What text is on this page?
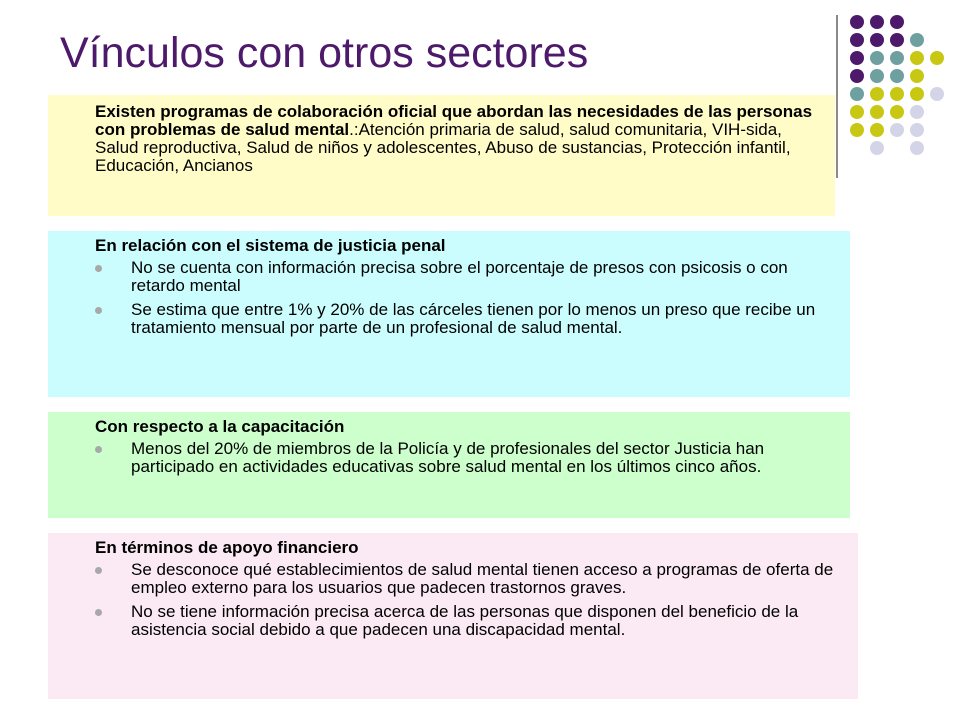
Vínculos con otros sectores

Existen programas de colaboración oficial que abordan las necesidades de las personas con problemas de salud mental.:Atención primaria de salud, salud comunitaria, VIH-sida, Salud reproductiva, Salud de niños y adolescentes, Abuso de sustancias, Protección infantil, Educación, Ancianos

En relación con el sistema de justicia penal
No se cuenta con información precisa sobre el porcentaje de presos con psicosis o con retardo mental
Se estima que entre 1% y 20% de las cárceles tienen por lo menos un preso que recibe un tratamiento mensual por parte de un profesional de salud mental.
Con respecto a la capacitación
Menos del 20% de miembros de la Policía y de profesionales del sector Justicia han participado en actividades educativas sobre salud mental en los últimos cinco años.
En términos de apoyo financiero
Se desconoce qué establecimientos de salud mental tienen acceso a programas de oferta de empleo externo para los usuarios que padecen trastornos graves.
No se tiene información precisa acerca de las personas que disponen del beneficio de la asistencia social debido a que padecen una discapacidad mental.
